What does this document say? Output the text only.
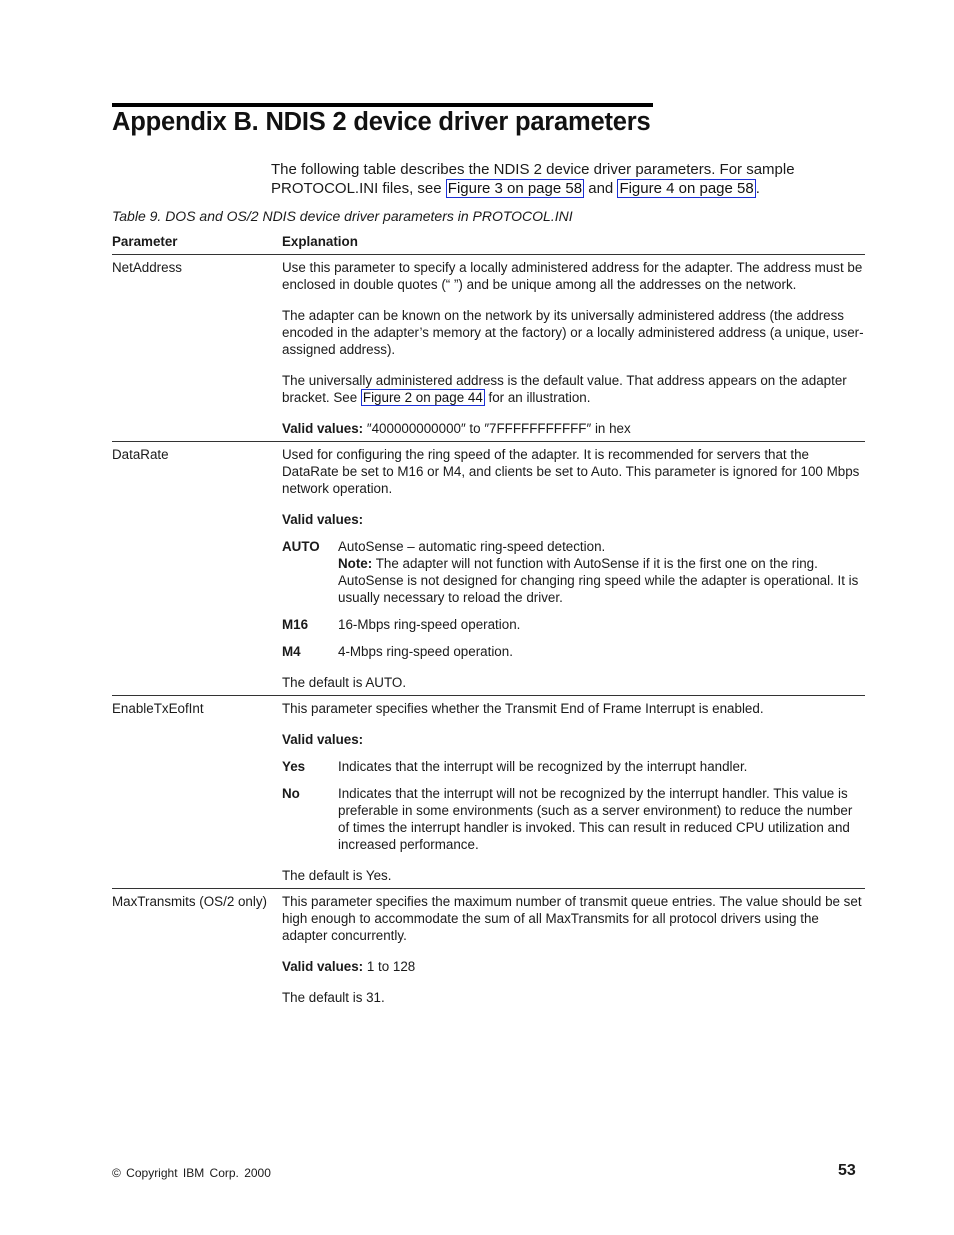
Appendix B. NDIS 2 device driver parameters

The following table describes the NDIS 2 device driver parameters. For sample PROTOCOL.INI files, see Figure 3 on page 58 and Figure 4 on page 58 .

Table 9. DOS and OS/2 NDIS device driver parameters in PROTOCOL.INI

Parameter	Explanation
NetAddress	Use this parameter to specify a locally administered address for the adapter. The address must be enclosed in double quotes (“ ”) and be unique among all the addresses on the network.

The adapter can be known on the network by its universally administered address (the address encoded in the adapter’s memory at the factory) or a locally administered address (a unique, user-assigned address).

The universally administered address is the default value. That address appears on the adapter bracket. See Figure 2 on page 44 for an illustration.

Valid values: ″400000000000″ to ″7FFFFFFFFFFF″ in hex

DataRate	Used for configuring the ring speed of the adapter. It is recommended for servers that the DataRate be set to M16 or M4, and clients be set to Auto. This parameter is ignored for 100 Mbps network operation.

Valid values:

AUTO	AutoSense – automatic ring-speed detection.
Note: The adapter will not function with AutoSense if it is the first one on the ring. AutoSense is not designed for changing ring speed while the adapter is operational. It is usually necessary to reload the driver.
M16	16-Mbps ring-speed operation.
M4	4-Mbps ring-speed operation.

The default is AUTO.

EnableTxEofInt	This parameter specifies whether the Transmit End of Frame Interrupt is enabled.

Valid values:

Yes	Indicates that the interrupt will be recognized by the interrupt handler.
No	Indicates that the interrupt will not be recognized by the interrupt handler. This value is preferable in some environments (such as a server environment) to reduce the number of times the interrupt handler is invoked. This can result in reduced CPU utilization and increased performance.

The default is Yes.

MaxTransmits (OS/2 only)	This parameter specifies the maximum number of transmit queue entries. The value should be set high enough to accommodate the sum of all MaxTransmits for all protocol drivers using the adapter concurrently.

Valid values: 1 to 128

The default is 31.

© Copyright IBM Corp. 2000	53
